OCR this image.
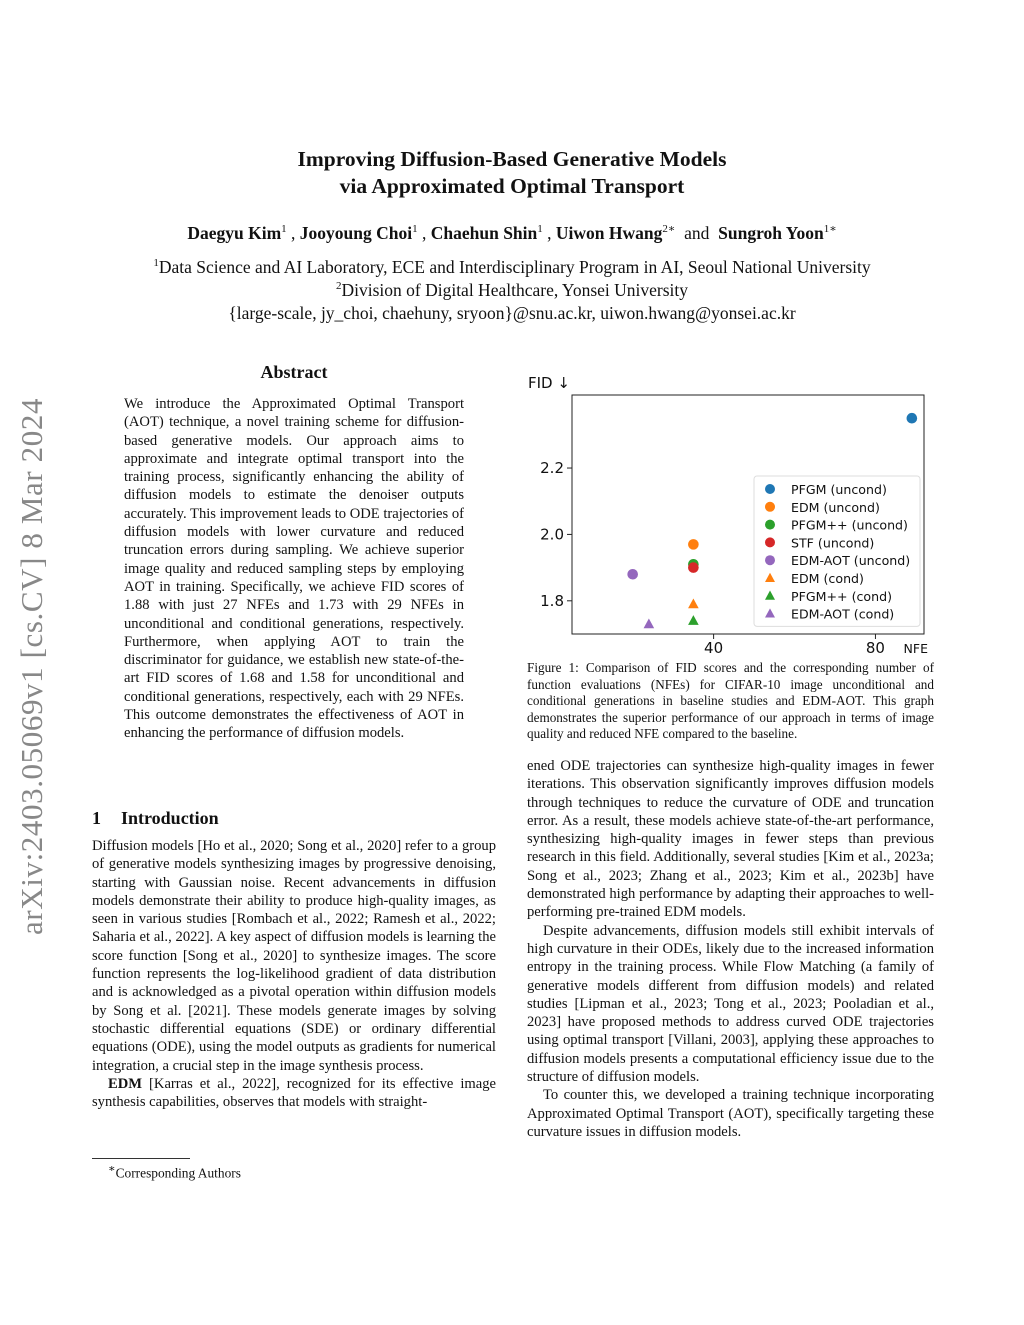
arXiv:2403.05069v1 [cs.CV] 8 Mar 2024
Improving Diffusion-Based Generative Models
via Approximated Optimal Transport
Daegyu Kim$^1$ , Jooyoung Choi$^1$ , Chaehun Shin$^1$ , Uiwon Hwang$^{2∗}$  and  Sungroh Yoon$^{1∗}$
$^1$Data Science and AI Laboratory, ECE and Interdisciplinary Program in AI, Seoul National University
$^2$Division of Digital Healthcare, Yonsei University
{large-scale, jy_choi, chaehuny, sryoon}@snu.ac.kr, uiwon.hwang@yonsei.ac.kr
Abstract
We introduce the Approximated Optimal Transport (AOT) technique, a novel training scheme for diffusion-based generative models. Our approach aims to approximate and integrate optimal transport into the training process, significantly enhancing the ability of diffusion models to estimate the denoiser outputs accurately. This improvement leads to ODE trajectories of diffusion models with lower curvature and reduced truncation errors during sampling. We achieve superior image quality and reduced sampling steps by employing AOT in training. Specifically, we achieve FID scores of 1.88 with just 27 NFEs and 1.73 with 29 NFEs in unconditional and conditional generations, respectively. Furthermore, when applying AOT to train the discriminator for guidance, we establish new state-of-the-art FID scores of 1.68 and 1.58 for unconditional and conditional generations, respectively, each with 29 NFEs. This outcome demonstrates the effectiveness of AOT in enhancing the performance of diffusion models.
1 Introduction

Diffusion models [Ho et al., 2020; Song et al., 2020] refer to a group of generative models synthesizing images by progressive denoising, starting with Gaussian noise. Recent advancements in diffusion models demonstrate their ability to produce high-quality images, as seen in various studies [Rombach et al., 2022; Ramesh et al., 2022; Saharia et al., 2022]. A key aspect of diffusion models is learning the score function [Song et al., 2020] to synthesize images. The score function represents the log-likelihood gradient of data distribution and is acknowledged as a pivotal operation within diffusion models by Song et al. [2021]. These models generate images by solving stochastic differential equations (SDE) or ordinary differential equations (ODE), using the model outputs as gradients for numerical integration, a crucial step in the image synthesis process.

EDM [Karras et al., 2022], recognized for its effective image synthesis capabilities, observes that models with straight-

∗Corresponding Authors
1.8
2.0
2.2
40	80
FID ↓
NFE
PFGM (uncond)
EDM (uncond)
PFGM++ (uncond)
STF (uncond)
EDM-AOT (uncond)
EDM (cond)
PFGM++ (cond)
EDM-AOT (cond)
Figure 1: Comparison of FID scores and the corresponding number of function evaluations (NFEs) for CIFAR-10 image unconditional and conditional generations in baseline studies and EDM-AOT. This graph demonstrates the superior performance of our approach in terms of image quality and reduced NFE compared to the baseline.

ened ODE trajectories can synthesize high-quality images in fewer iterations. This observation significantly improves diffusion models through techniques to reduce the curvature of ODE and truncation error. As a result, these models achieve state-of-the-art performance, synthesizing high-quality images in fewer steps than previous research in this field. Additionally, several studies [Kim et al., 2023a; Song et al., 2023; Zhang et al., 2023; Kim et al., 2023b] have demonstrated high performance by adapting their approaches to well-performing pre-trained EDM models.

Despite advancements, diffusion models still exhibit intervals of high curvature in their ODEs, likely due to the increased information entropy in the training process. While Flow Matching (a family of generative models different from diffusion models) and related studies [Lipman et al., 2023; Tong et al., 2023; Pooladian et al., 2023] have proposed methods to address curved ODE trajectories using optimal transport [Villani, 2003], applying these approaches to diffusion models presents a computational efficiency issue due to the structure of diffusion models.

To counter this, we developed a training technique incorporating Approximated Optimal Transport (AOT), specifically targeting these curvature issues in diffusion models.
